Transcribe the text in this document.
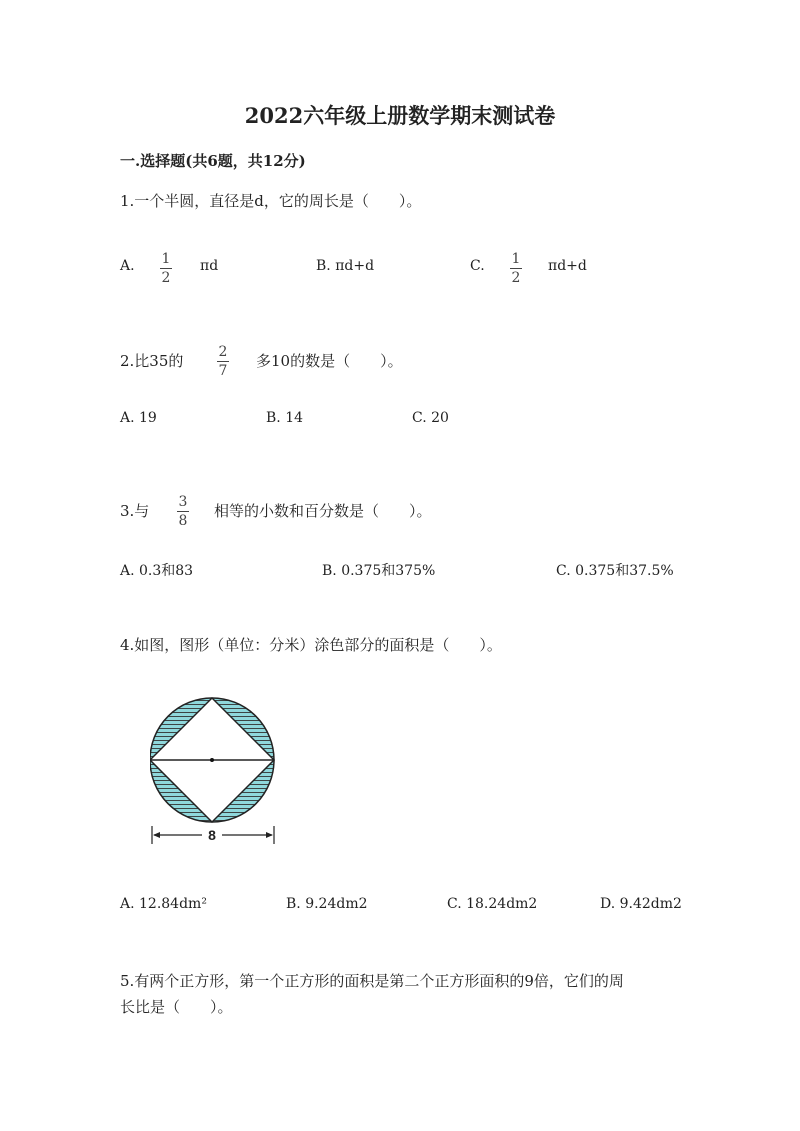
2022六年级上册数学期末测试卷
一.选择题(共6题，共12分)
1.一个半圆，直径是d，它的周长是（　　）。
A. 1
2
πd	B. πd+d	C. 1
2
πd+d
2.比35的	2
7
多10的数是（　　）。
A. 19	B. 14	C. 20
3.与 3
8
相等的小数和百分数是（　　）。
A. 0.3和83	B. 0.375和375%	C. 0.375和37.5%
4.如图，图形（单位：分米）涂色部分的面积是（　　）。
8
A. 12.84dm²	B. 9.24dm2	C. 18.24dm2	D. 9.42dm2
5.有两个正方形，第一个正方形的面积是第二个正方形面积的9倍，它们的周
长比是（　　）。
